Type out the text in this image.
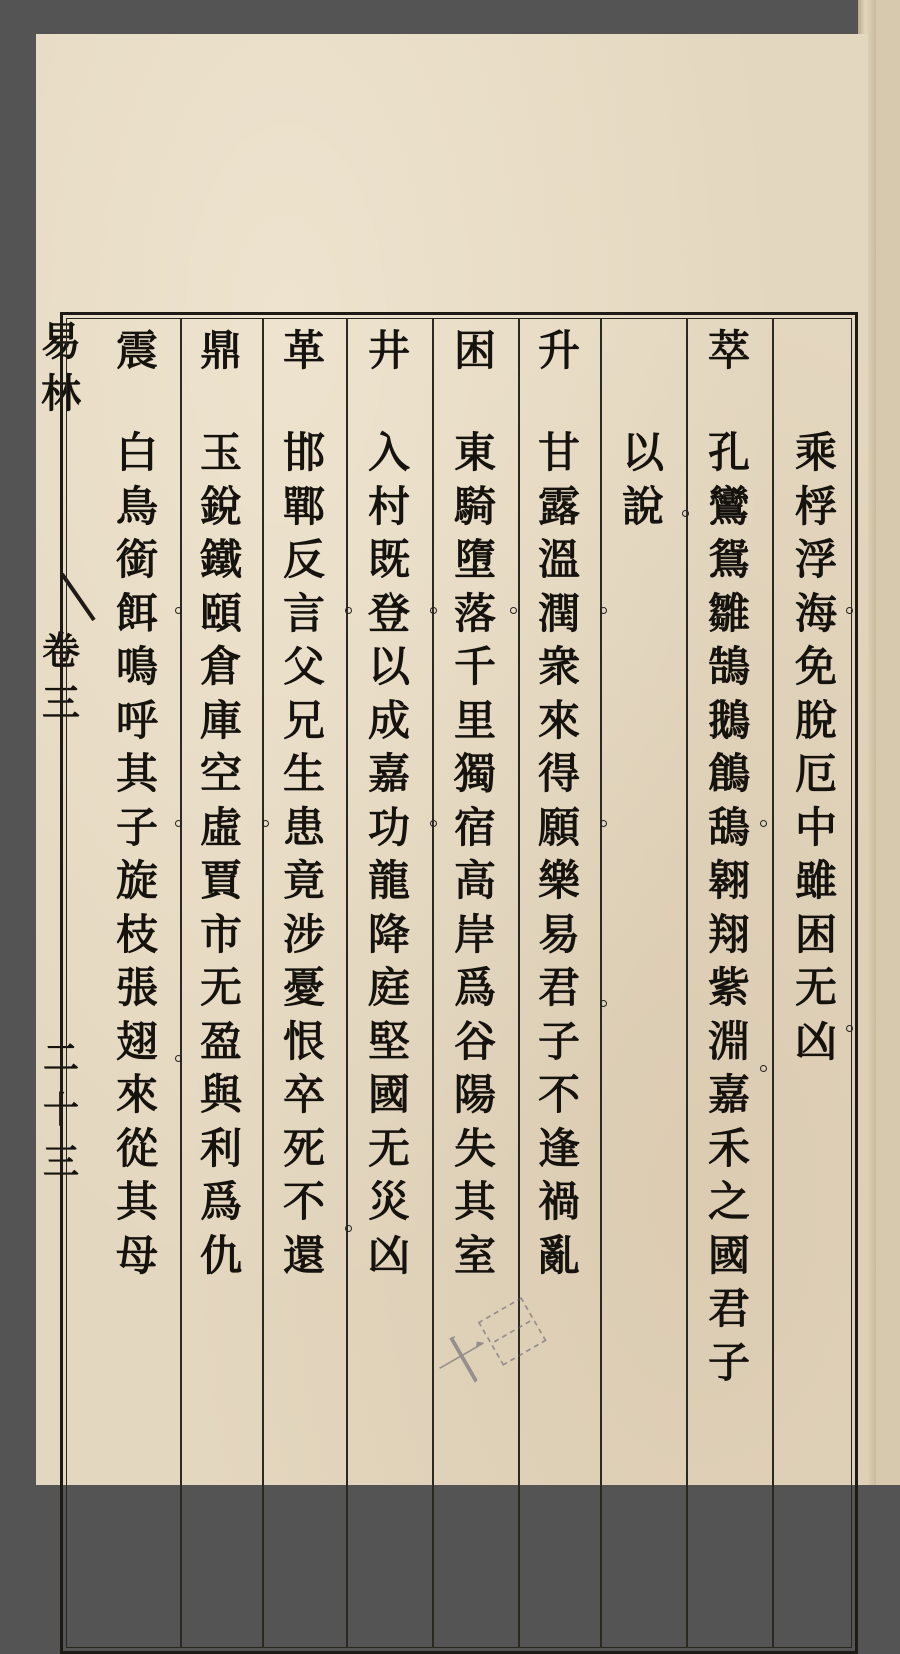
易
林
卷
三
二
十
三
乘
桴
浮
海
免
脫
厄
中
雖
困
无
凶
萃
孔
鸞
鴛
雛
鵠
鵝
鶬
鴰
翱
翔
紫
淵
嘉
禾
之
國
君
子
以
說
升
甘
露
溫
潤
衆
來
得
願
樂
易
君
子
不
逢
禍
亂
困
東
騎
墮
落
千
里
獨
宿
高
岸
爲
谷
陽
失
其
室
井
入
村
既
登
以
成
嘉
功
龍
降
庭
堅
國
无
災
凶
革
邯
鄲
反
言
父
兄
生
患
竟
涉
憂
恨
卒
死
不
還
鼎
玉
銳
鐵
頤
倉
庫
空
虛
賈
市
无
盈
與
利
爲
仇
震
白
鳥
銜
餌
鳴
呼
其
子
旋
枝
張
翅
來
從
其
母
⼗⿱
